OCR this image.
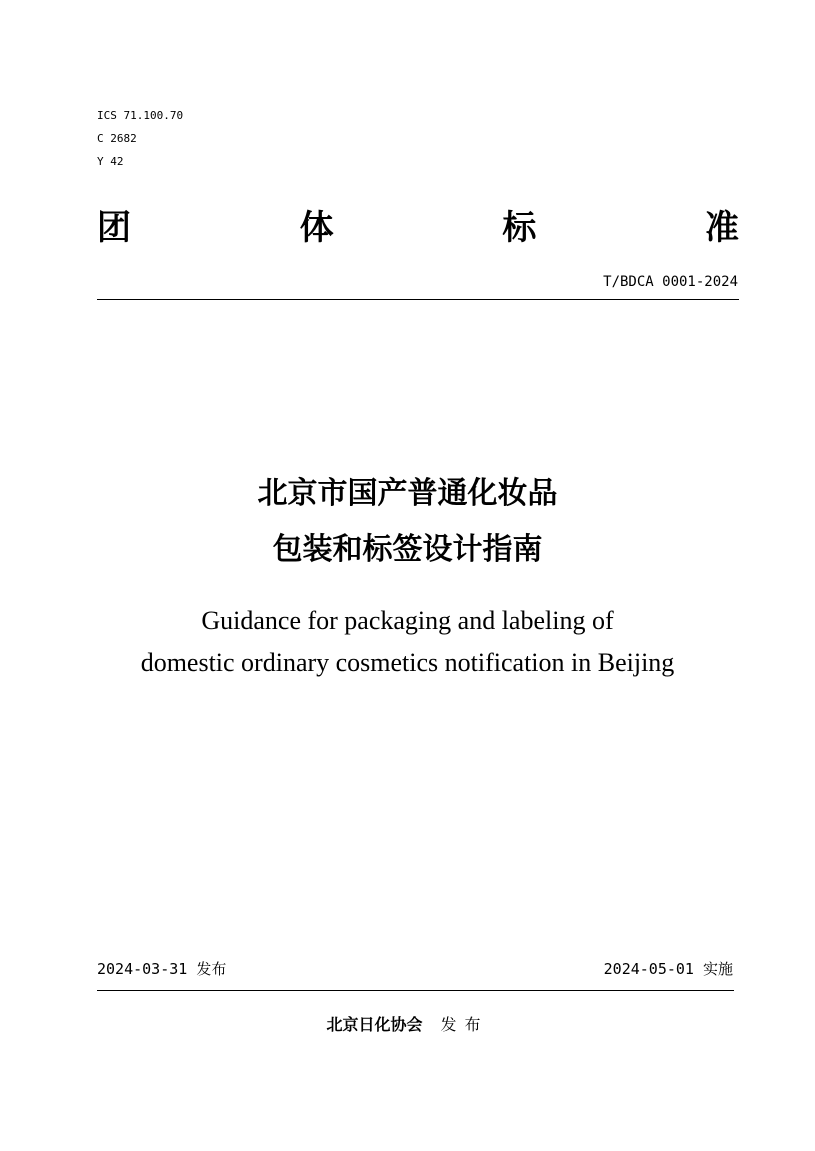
ICS 71.100.70
C 2682
Y 42
团	体	标	准
T/BDCA 0001-2024
北京市国产普通化妆品
包装和标签设计指南
Guidance for packaging and labeling of
domestic ordinary cosmetics notification in Beijing
2024-03-31 发布	2024-05-01 实施
北京日化协会 发布
